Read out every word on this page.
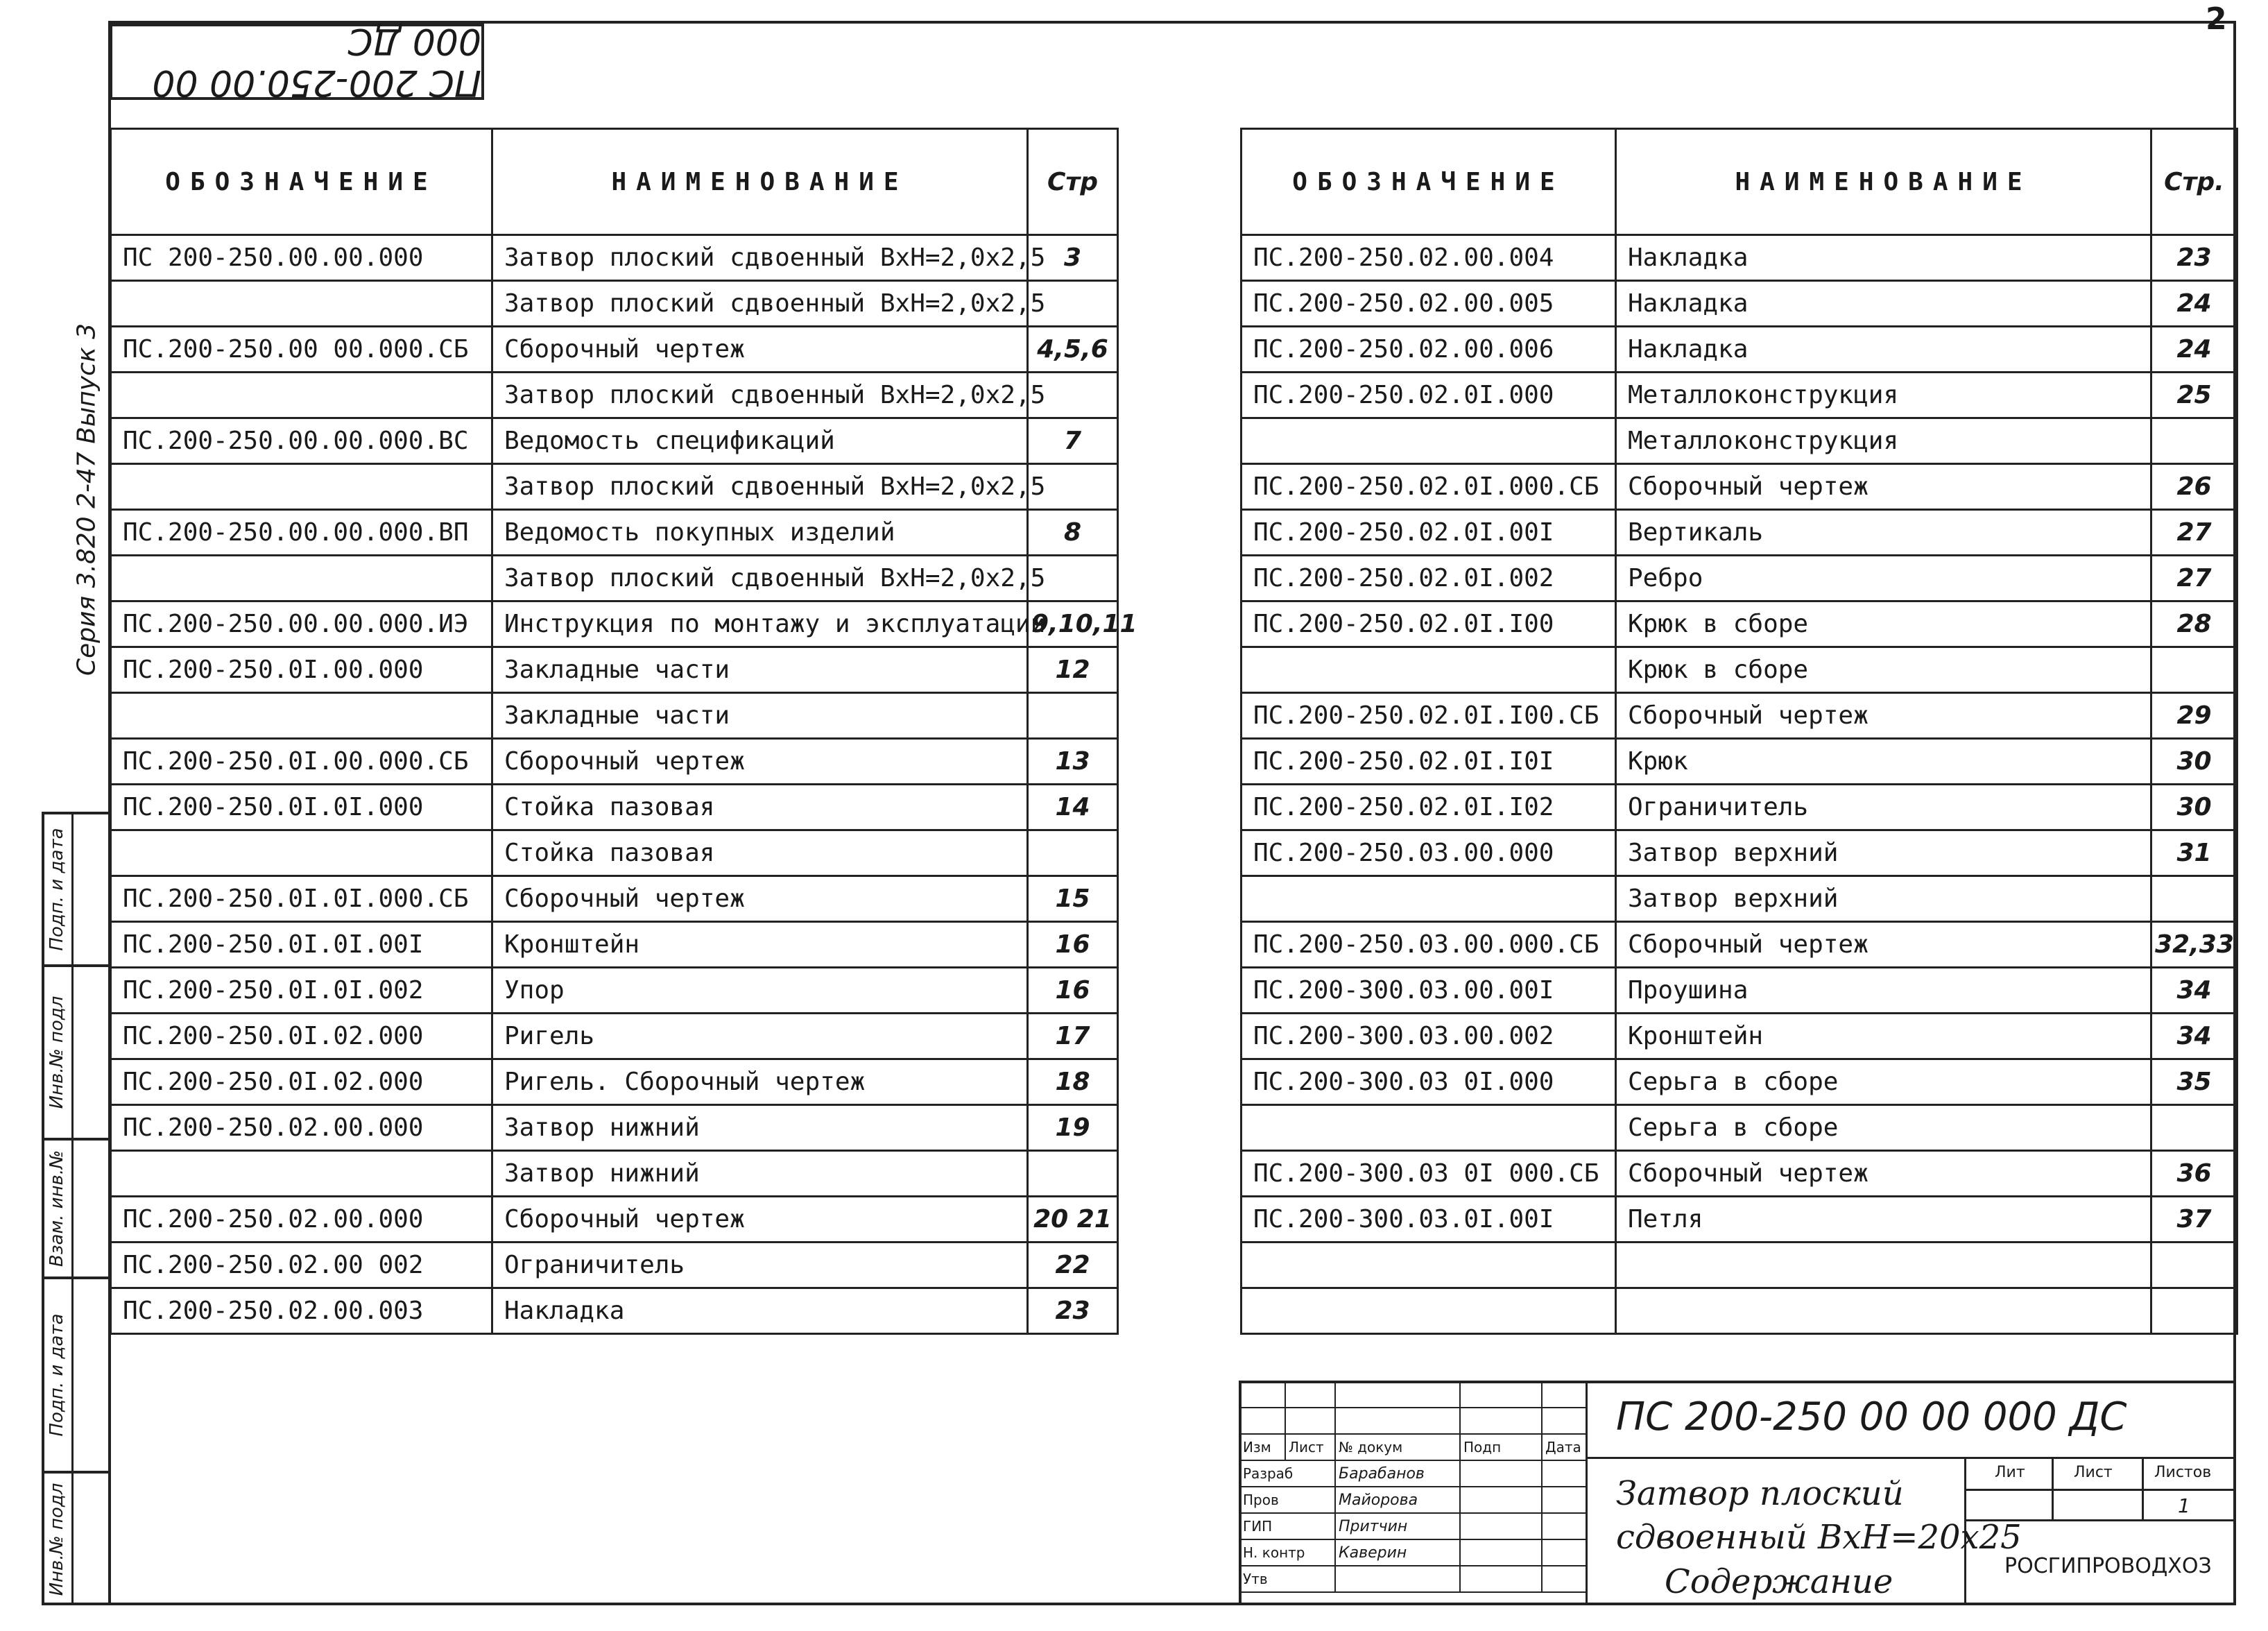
ПС 200-250.00 00 000 ДС
2
Серия 3.820 2-47 Выпуск 3
Подп. и дата
Инв.№ подл
Взам. инв.№
Подп. и дата
Инв.№ подл
ОБОЗНАЧЕНИЕ	НАИМЕНОВАНИЕ	Стр
ПС 200-250.00.00.000	Затвор плоский сдвоенный ВхН=2,0х2,5	3
	Затвор плоский сдвоенный ВхН=2,0х2,5	
ПС.200-250.00 00.000.СБ	Сборочный чертеж	4,5,6
	Затвор плоский сдвоенный ВхН=2,0х2,5	
ПС.200-250.00.00.000.ВС	Ведомость спецификаций	7
	Затвор плоский сдвоенный ВхН=2,0х2,5	
ПС.200-250.00.00.000.ВП	Ведомость покупных изделий	8
	Затвор плоский сдвоенный ВхН=2,0х2,5	
ПС.200-250.00.00.000.ИЭ	Инструкция по монтажу и эксплуатации	9,10,11
ПС.200-250.0I.00.000	Закладные части	12
	Закладные части	
ПС.200-250.0I.00.000.СБ	Сборочный чертеж	13
ПС.200-250.0I.0I.000	Стойка пазовая	14
	Стойка пазовая	
ПС.200-250.0I.0I.000.СБ	Сборочный чертеж	15
ПС.200-250.0I.0I.00I	Кронштейн	16
ПС.200-250.0I.0I.002	Упор	16
ПС.200-250.0I.02.000	Ригель	17
ПС.200-250.0I.02.000	Ригель. Сборочный чертеж	18
ПС.200-250.02.00.000	Затвор нижний	19
	Затвор нижний	
ПС.200-250.02.00.000	Сборочный чертеж	20 21
ПС.200-250.02.00 002	Ограничитель	22
ПС.200-250.02.00.003	Накладка	23
ОБОЗНАЧЕНИЕ	НАИМЕНОВАНИЕ	Стр.
ПС.200-250.02.00.004	Накладка	23
ПС.200-250.02.00.005	Накладка	24
ПС.200-250.02.00.006	Накладка	24
ПС.200-250.02.0I.000	Металлоконструкция	25
	Металлоконструкция	
ПС.200-250.02.0I.000.СБ	Сборочный чертеж	26
ПС.200-250.02.0I.00I	Вертикаль	27
ПС.200-250.02.0I.002	Ребро	27
ПС.200-250.02.0I.I00	Крюк в сборе	28
	Крюк в сборе	
ПС.200-250.02.0I.I00.СБ	Сборочный чертеж	29
ПС.200-250.02.0I.I0I	Крюк	30
ПС.200-250.02.0I.I02	Ограничитель	30
ПС.200-250.03.00.000	Затвор верхний	31
	Затвор верхний	
ПС.200-250.03.00.000.СБ	Сборочный чертеж	32,33
ПС.200-300.03.00.00I	Проушина	34
ПС.200-300.03.00.002	Кронштейн	34
ПС.200-300.03 0I.000	Серьга в сборе	35
	Серьга в сборе	
ПС.200-300.03 0I 000.СБ	Сборочный чертеж	36
ПС.200-300.03.0I.00I	Петля	37

Изм	Лист	№ докум	Подп	Дата
Разраб		Барабанов		
Пров		Майорова		
ГИП		Притчин		
Н. контр		Каверин		
Утв				
ПС 200-250 00 00 000 ДС
Затвор плоский
сдвоенный ВхН=20х25
Содержание
Лит	Лист	Листов
1
РОСГИПРОВОДХОЗ
